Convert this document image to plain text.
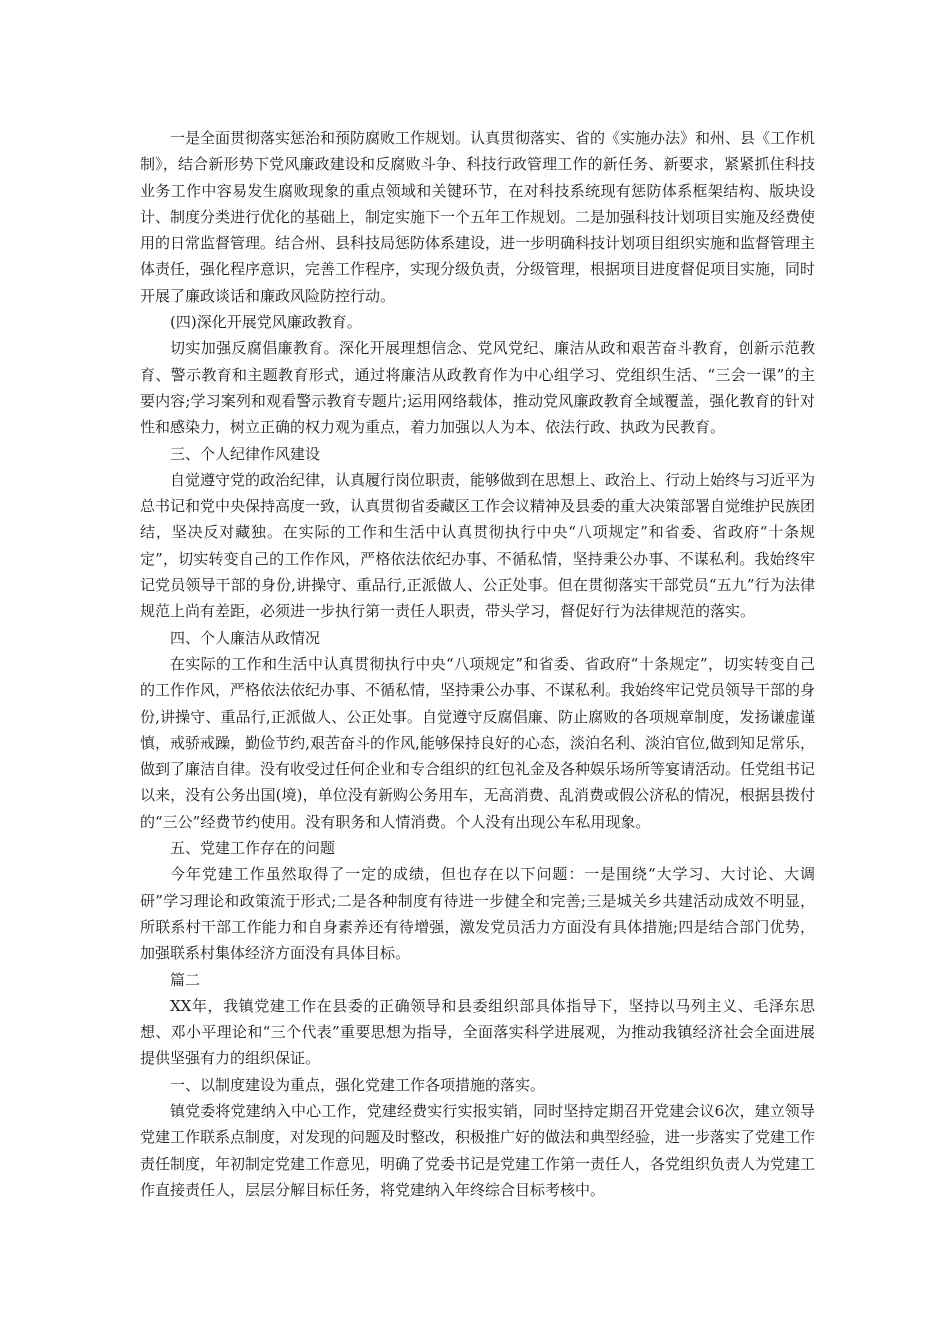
一是全面贯彻落实惩治和预防腐败工作规划。认真贯彻落实、省的《实施办法》和州、县《工作机制》，结合新形势下党风廉政建设和反腐败斗争、科技行政管理工作的新任务、新要求，紧紧抓住科技业务工作中容易发生腐败现象的重点领域和关键环节，在对科技系统现有惩防体系框架结构、版块设计、制度分类进行优化的基础上，制定实施下一个五年工作规划。二是加强科技计划项目实施及经费使用的日常监督管理。结合州、县科技局惩防体系建设，进一步明确科技计划项目组织实施和监督管理主体责任，强化程序意识，完善工作程序，实现分级负责，分级管理，根据项目进度督促项目实施，同时开展了廉政谈话和廉政风险防控行动。

(四)深化开展党风廉政教育。

切实加强反腐倡廉教育。深化开展理想信念、党风党纪、廉洁从政和艰苦奋斗教育，创新示范教育、警示教育和主题教育形式，通过将廉洁从政教育作为中心组学习、党组织生活、“三会一课”的主要内容;学习案列和观看警示教育专题片;运用网络载体，推动党风廉政教育全域覆盖，强化教育的针对性和感染力，树立正确的权力观为重点，着力加强以人为本、依法行政、执政为民教育。

三、个人纪律作风建设

自觉遵守党的政治纪律，认真履行岗位职责，能够做到在思想上、政治上、行动上始终与习近平为总书记和党中央保持高度一致，认真贯彻省委藏区工作会议精神及县委的重大决策部署自觉维护民族团结，坚决反对藏独。在实际的工作和生活中认真贯彻执行中央“八项规定”和省委、省政府“十条规定”，切实转变自己的工作作风，严格依法依纪办事、不循私情，坚持秉公办事、不谋私利。我始终牢记党员领导干部的身份,讲操守、重品行,正派做人、公正处事。但在贯彻落实干部党员“五九”行为法律规范上尚有差距，必须进一步执行第一责任人职责，带头学习，督促好行为法律规范的落实。

四、个人廉洁从政情况

在实际的工作和生活中认真贯彻执行中央“八项规定”和省委、省政府“十条规定”，切实转变自己的工作作风，严格依法依纪办事、不循私情，坚持秉公办事、不谋私利。我始终牢记党员领导干部的身份,讲操守、重品行,正派做人、公正处事。自觉遵守反腐倡廉、防止腐败的各项规章制度，发扬谦虚谨慎，戒骄戒躁，勤俭节约,艰苦奋斗的作风,能够保持良好的心态，淡泊名利、淡泊官位,做到知足常乐，做到了廉洁自律。没有收受过任何企业和专合组织的红包礼金及各种娱乐场所等宴请活动。任党组书记以来，没有公务出国(境)，单位没有新购公务用车，无高消费、乱消费或假公济私的情况，根据县拨付的“三公”经费节约使用。没有职务和人情消费。个人没有出现公车私用现象。

五、党建工作存在的问题

今年党建工作虽然取得了一定的成绩，但也存在以下问题：一是围绕“大学习、大讨论、大调研”学习理论和政策流于形式;二是各种制度有待进一步健全和完善;三是城关乡共建活动成效不明显，所联系村干部工作能力和自身素养还有待增强，激发党员活力方面没有具体措施;四是结合部门优势，加强联系村集体经济方面没有具体目标。

篇二

XX年，我镇党建工作在县委的正确领导和县委组织部具体指导下，坚持以马列主义、毛泽东思想、邓小平理论和“三个代表”重要思想为指导，全面落实科学进展观，为推动我镇经济社会全面进展提供坚强有力的组织保证。

一、以制度建设为重点，强化党建工作各项措施的落实。

镇党委将党建纳入中心工作，党建经费实行实报实销，同时坚持定期召开党建会议6次，建立领导党建工作联系点制度，对发现的问题及时整改，积极推广好的做法和典型经验，进一步落实了党建工作责任制度，年初制定党建工作意见，明确了党委书记是党建工作第一责任人，各党组织负责人为党建工作直接责任人，层层分解目标任务，将党建纳入年终综合目标考核中。
